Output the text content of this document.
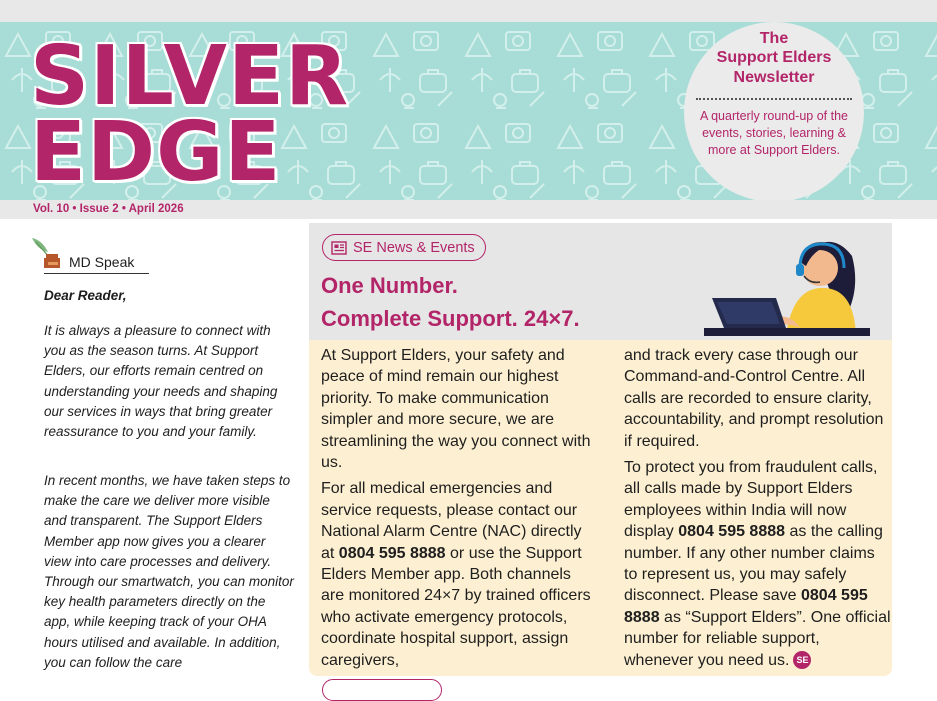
SILVER
EDGE
The
Support Elders Newsletter
A quarterly round-up of the events, stories, learning & more at Support Elders.
Vol. 10 • Issue 2 • April 2026
MD Speak
Dear Reader,

It is always a pleasure to connect with you as the season turns. At Support Elders, our efforts remain centred on understanding your needs and shaping our services in ways that bring greater reassurance to you and your family.

In recent months, we have taken steps to make the care we deliver more visible and transparent. The Support Elders Member app now gives you a clearer view into care processes and delivery. Through our smartwatch, you can monitor key health parameters directly on the app, while keeping track of your OHA hours utilised and available. In addition, you can follow the care

SE News & Events
One Number.
Complete Support. 24×7.

At Support Elders, your safety and peace of mind remain our highest priority. To make communication simpler and more secure, we are streamlining the way you connect with us.

For all medical emergencies and service requests, please contact our National Alarm Centre (NAC) directly at 0804 595 8888 or use the Support Elders Member app. Both channels are monitored 24×7 by trained officers who activate emergency protocols, coordinate hospital support, assign caregivers,

and track every case through our Command-and-Control Centre. All calls are recorded to ensure clarity, accountability, and prompt resolution if required.

To protect you from fraudulent calls, all calls made by Support Elders employees within India will now display 0804 595 8888 as the calling number. If any other number claims to represent us, you may safely disconnect. Please save 0804 595 8888 as “Support Elders”. One official number for reliable support, whenever you need us. SE
